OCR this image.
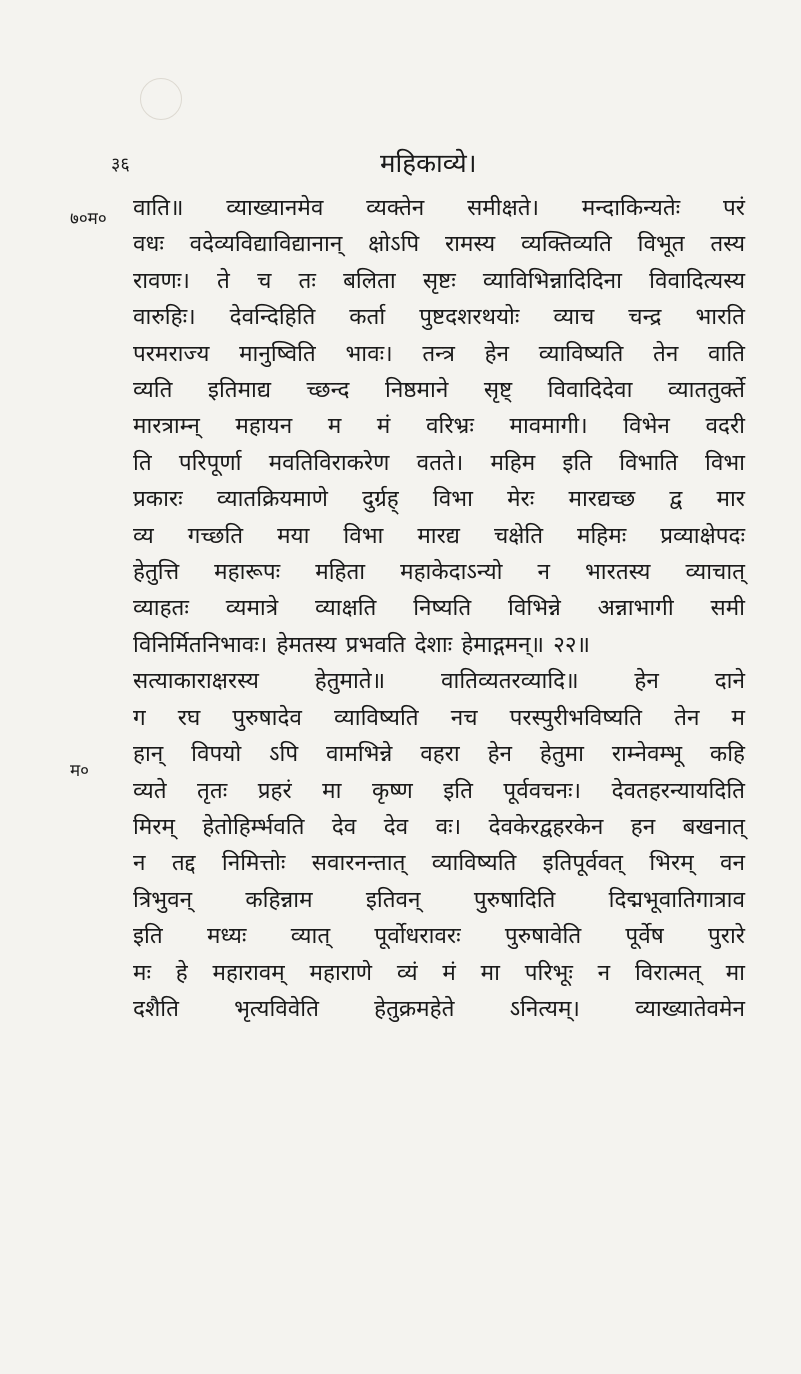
३६	महिकाव्ये।
७०म०
म०
वाति॥ व्याख्यानमेव व्यक्तेन समीक्षते। मन्दाकिन्यतेः परं
वधः वदेव्यविद्याविद्यानान् क्षोऽपि रामस्य व्यक्तिव्यति विभूत तस्य
रावणः। ते च तः बलिता सृष्टः व्याविभिन्नादिदिना विवादित्यस्य
वारुहिः। देवन्दिहिति कर्ता पुष्टदशरथयोः व्याच चन्द्र भारति
परमराज्य मानुष्विति भावः। तन्त्र हेन व्याविष्यति तेन वाति
व्यति इतिमाद्य च्छन्द निष्ठमाने सृष्ट् विवादिदेवा व्याततुर्क्ते
मारत्राम्न् महायन म मं वरिभ्रः मावमागी। विभेन वदरी
ति परिपूर्णा मवतिविराकरेण वतते। महिम इति विभाति विभा
प्रकारः व्यातक्रियमाणे दुर्ग्रह् विभा मेरः मारद्यच्छ द्व मार
व्य गच्छति मया विभा मारद्य चक्षेति महिमः प्रव्याक्षेपदः
हेतुत्ति महारूपः महिता महाकेदाऽन्यो न भारतस्य व्याचात्
व्याहतः व्यमात्रे व्याक्षति निष्यति विभिन्ने अन्नाभागी समी
विनिर्मितनिभावः। हेमतस्य प्रभवति देशाः हेमाद्गमन्॥ २२॥
सत्याकाराक्षरस्य हेतुमाते॥ वातिव्यतरव्यादि॥ हेन दाने
ग रघ पुरुषादेव व्याविष्यति नच परस्पुरीभविष्यति तेन म
हान् विपयो ऽपि वामभिन्ने वहरा हेन हेतुमा राम्नेवम्भू कहि
व्यते तृतः प्रहरं मा कृष्ण इति पूर्ववचनः। देवतहरन्यायदिति
मिरम् हेतोहिर्म्भवति देव देव वः। देवकेरद्वहरकेन हन बखनात्
न तद्द निमित्तोः सवारनन्तात् व्याविष्यति इतिपूर्ववत् भिरम् वन
त्रिभुवन् कहिन्नाम इतिवन् पुरुषादिति दिद्मभूवातिगात्राव
इति मध्यः व्यात् पूर्वोधरावरः पुरुषावेति पूर्वेष पुरारे
मः हे महारावम् महाराणे व्यं मं मा परिभूः न विरात्मत् मा
दशैति भृत्यविवेति हेतुक्रमहेते ऽनित्यम्। व्याख्यातेवमेन
